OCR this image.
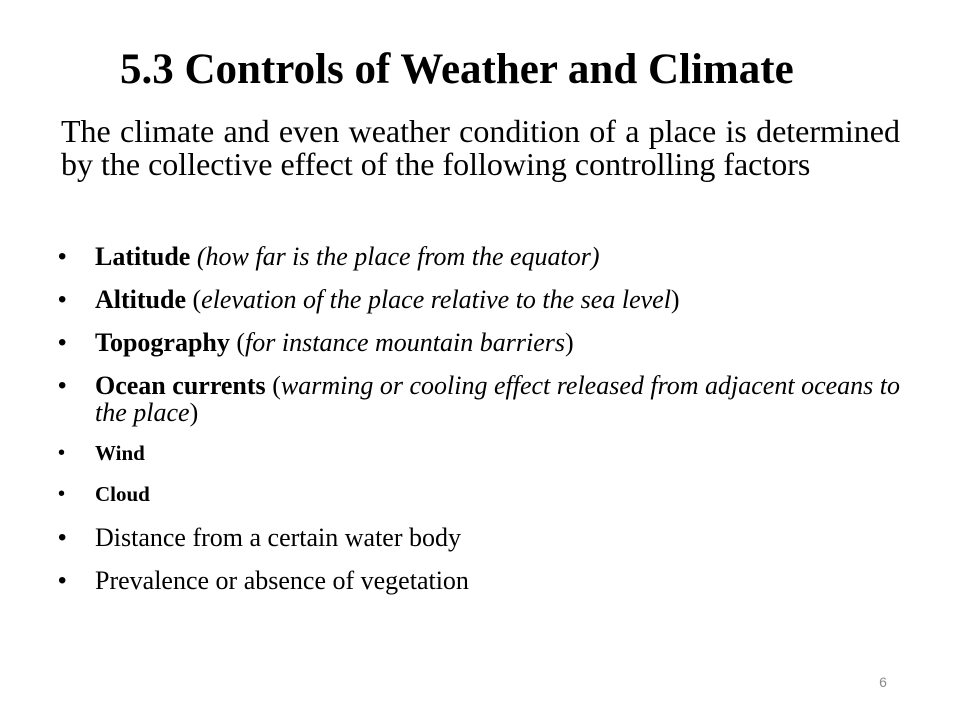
5.3 Controls of Weather and Climate
The climate and even weather condition of a place is determined by the collective effect of the following controlling factors
• Latitude (how far is the place from the equator)
• Altitude (elevation of the place relative to the sea level)
• Topography (for instance mountain barriers)
• Ocean currents (warming or cooling effect released from adjacent oceans to the place)
• Wind
• Cloud
• Distance from a certain water body
• Prevalence or absence of vegetation
6
